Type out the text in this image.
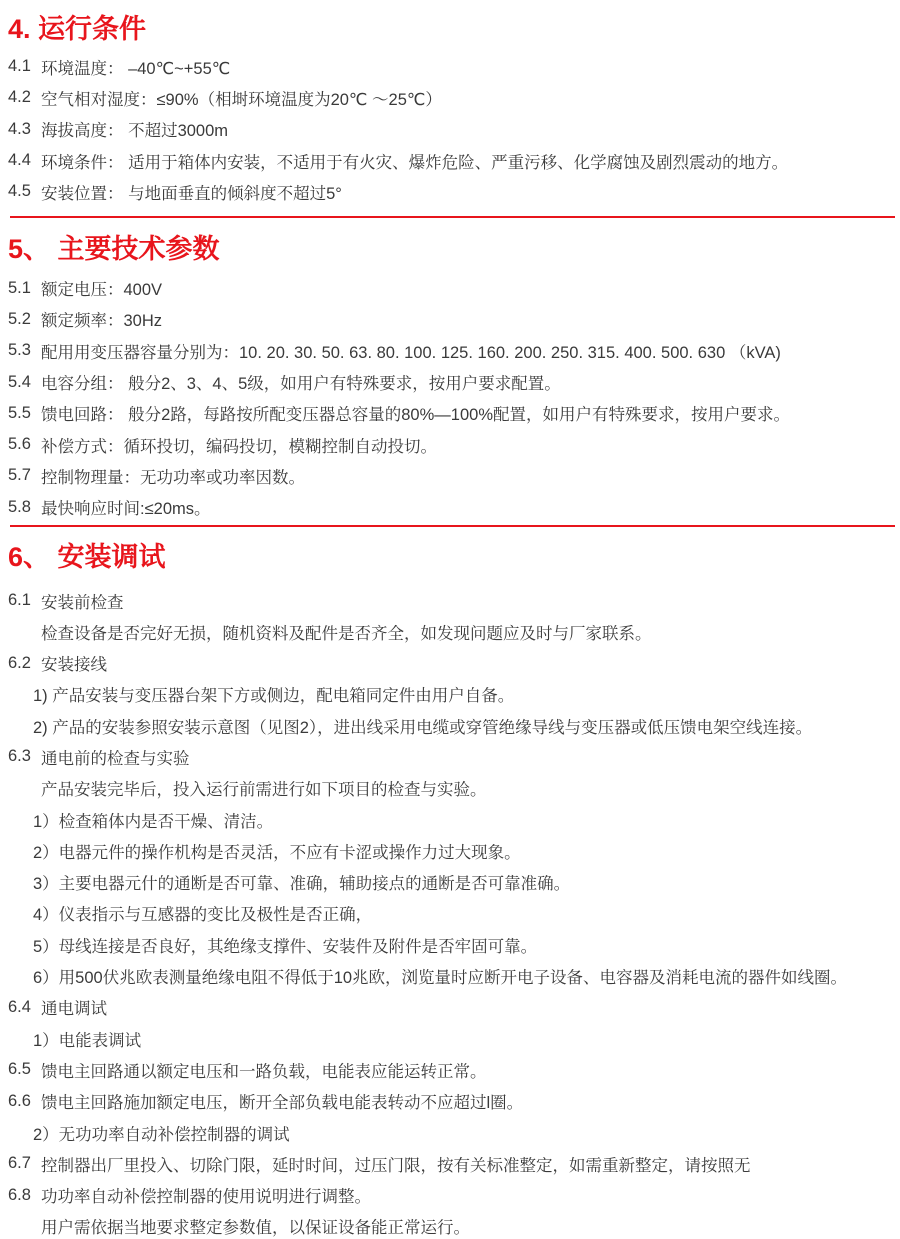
4. 运行条件
4.1 环境温度： –40℃~+55℃
4.2 空气相对湿度：≤90%（相埘环境温度为20℃ ～25℃）
4.3 海拔高度： 不超过3000m
4.4 环境条件： 适用于箱体内安装，不适用于有火灾、爆炸危险、严重污移、化学腐蚀及剧烈震动的地方。
4.5 安装位置： 与地面垂直的倾斜度不超过5°
5、 主要技术参数
5.1 额定电压：400V
5.2 额定频率：30Hz
5.3 配用用变压器容量分别为：10. 20. 30. 50. 63. 80. 100. 125. 160. 200. 250. 315. 400. 500. 630 （kVA)
5.4 电容分组： 般分2、3、4、5级，如用户有特殊要求，按用户要求配置。
5.5 馈电回路： 般分2路，每路按所配变压器总容量的80%—100%配置，如用户有特殊要求，按用户要求。
5.6 补偿方式：循环投切，编码投切，模糊控制自动投切。
5.7 控制物理量：无功功率或功率因数。
5.8 最快响应时间:≤20ms。
6、 安装调试
6.1 安装前检查
检查设备是否完好无损，随机资料及配件是否齐全，如发现问题应及时与厂家联系。
6.2 安装接线
1) 产品安装与变压器台架下方或侧边，配电箱同定件由用户自备。
2) 产品的安装参照安装示意图（见图2），进出线采用电缆或穿管绝缘导线与变压器或低压馈电架空线连接。
6.3 通电前的检查与实验
产品安装完毕后，投入运行前需进行如下项目的检查与实验。
1）检查箱体内是否干燥、清洁。
2）电器元件的操作机构是否灵活，不应有卡涩或操作力过大现象。
3）主要电器元什的通断是否可靠、准确，辅助接点的通断是否可靠准确。
4）仪表指示与互感器的变比及极性是否正确，
5）母线连接是否良好，其绝缘支撑件、安装件及附件是否牢固可靠。
6）用500伏兆欧表测量绝缘电阻不得低于10兆欧，浏览量时应断开电子设备、电容器及消耗电流的器件如线圈。
6.4 通电调试
1）电能表调试
6.5 馈电主回路通以额定电压和一路负载，电能表应能运转正常。
6.6 馈电主回路施加额定电压，断开全部负载电能表转动不应超过l圈。
2）无功功率自动补偿控制器的调试
6.7 控制器出厂里投入、切除门限，延时时间，过压门限，按有关标准整定，如需重新整定，请按照无
6.8 功功率自动补偿控制器的使用说明进行调整。
用户需依据当地要求整定参数值，以保证设备能正常运行。
